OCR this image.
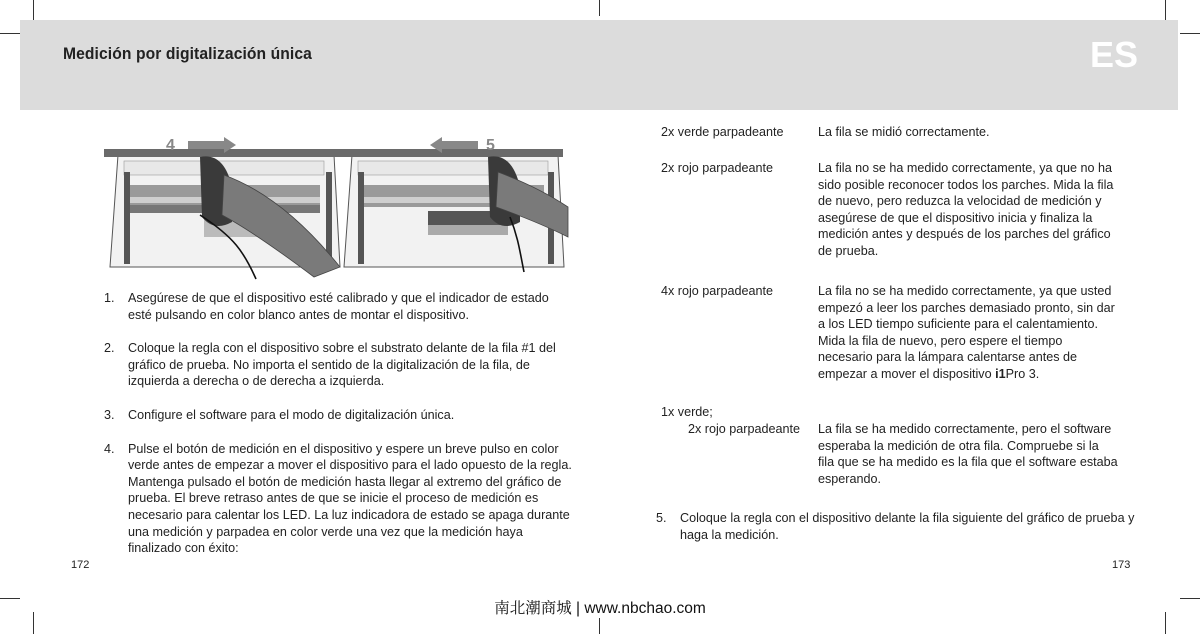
Medición por digitalización única	ES
4	5
1.	Asegúrese de que el dispositivo esté calibrado y que el indicador de estado esté pulsando en color blanco antes de montar el dispositivo.
2.	Coloque la regla con el dispositivo sobre el substrato delante de la fila #1 del gráfico de prueba. No importa el sentido de la digitalización de la fila, de izquierda a derecha o de derecha a izquierda.
3.	Configure el software para el modo de digitalización única.
4.	Pulse el botón de medición en el dispositivo y espere un breve pulso en color verde antes de empezar a mover el dispositivo para el lado opuesto de la regla. Mantenga pulsado el botón de medición hasta llegar al extremo del gráfico de prueba. El breve retraso antes de que se inicie el proceso de medición es necesario para calentar los LED. La luz indicadora de estado se apaga durante una medición y parpadea en color verde una vez que la medición haya finalizado con éxito:
2x verde parpadeante	La fila se midió correctamente.
2x rojo parpadeante	La fila no se ha medido correctamente, ya que no ha sido posible reconocer todos los parches. Mida la fila de nuevo, pero reduzca la velocidad de medición y asegúrese de que el dispositivo inicia y finaliza la medición antes y después de los parches del gráfico de prueba.
4x rojo parpadeante	La fila no se ha medido correctamente, ya que usted empezó a leer los parches demasiado pronto, sin dar a los LED tiempo suficiente para el calentamiento. Mida la fila de nuevo, pero espere el tiempo necesario para la lámpara calentarse antes de empezar a mover el dispositivo i1Pro 3.
1x verde;
2x rojo parpadeante	La fila se ha medido correctamente, pero el software esperaba la medición de otra fila. Compruebe si la fila que se ha medido es la fila que el software estaba esperando.
5.	Coloque la regla con el dispositivo delante la fila siguiente del gráfico de prueba y haga la medición.
172	173
南北潮商城 | www.nbchao.com
